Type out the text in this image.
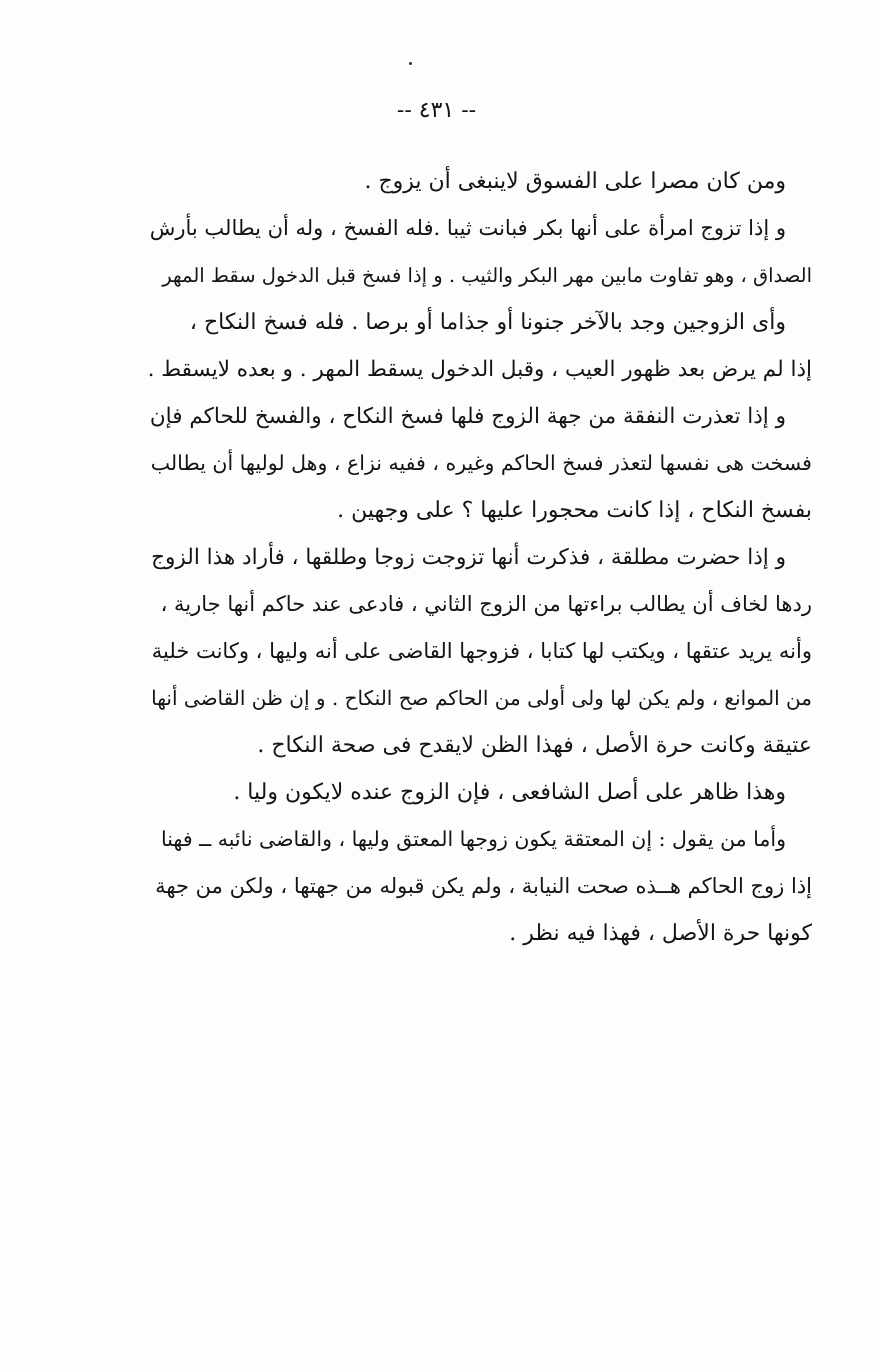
-- ٤٣١ --
ومن كان مصرا على الفسوق لاينبغى أن يزوج .
و إذا تزوج امرأة على أنها بكر فبانت ثيبا .فله الفسخ ، وله أن يطالب بأرش
الصداق ، وهو تفاوت مابين مهر البكر والثيب . و إذا فسخ قبل الدخول سقط المهر
وأى الزوجين وجد بالآخر جنونا أو جذاما أو برصا . فله فسخ النكاح ،
إذا لم يرض بعد ظهور العيب ، وقبل الدخول يسقط المهر . و بعده لايسقط .
و إذا تعذرت النفقة من جهة الزوج فلها فسخ النكاح ، والفسخ للحاكم فإن
فسخت هى نفسها لتعذر فسخ الحاكم وغيره ، ففيه نزاع ، وهل لوليها أن يطالب
بفسخ النكاح ، إذا كانت محجورا عليها ؟ على وجهين .
و إذا حضرت مطلقة ، فذكرت أنها تزوجت زوجا وطلقها ، فأراد هذا الزوج
ردها لخاف أن يطالب براءتها من الزوج الثاني ، فادعى عند حاكم أنها جارية ،
وأنه يريد عتقها ، ويكتب لها كتابا ، فزوجها القاضى على أنه وليها ، وكانت خلية
من الموانع ، ولم يكن لها ولى أولى من الحاكم صح النكاح . و إن ظن القاضى أنها
عتيقة وكانت حرة الأصل ، فهذا الظن لايقدح فى صحة النكاح .
وهذا ظاهر على أصل الشافعى ، فإن الزوج عنده لايكون وليا .
وأما من يقول : إن المعتقة يكون زوجها المعتق وليها ، والقاضى نائبه ــ فهنا
إذا زوج الحاكم هــذه صحت النيابة ، ولم يكن قبوله من جهتها ، ولكن من جهة
كونها حرة الأصل ، فهذا فيه نظر .
